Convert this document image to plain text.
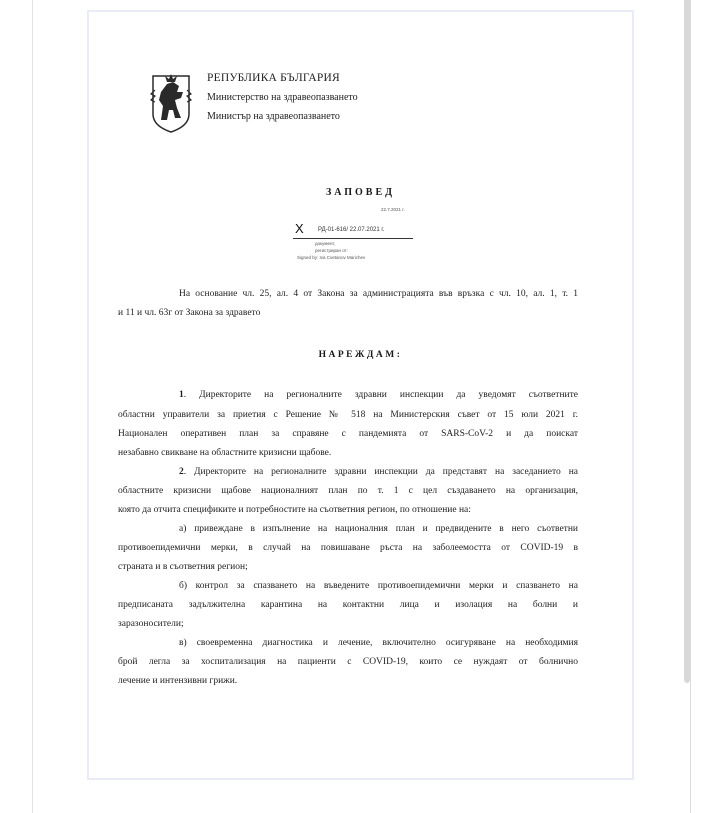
РЕПУБЛИКА БЪЛГАРИЯ
Министерство на здравеопазването
Министър на здравеопазването
ЗАПОВЕД
22.7.2021 г.
X РД-01-616/ 22.07.2021 г.
документ,
регистриран от:
Signed by: Iva Cvetanov Marichev
На основание чл. 25, ал. 4 от Закона за администрацията във връзка с чл. 10, ал. 1, т. 1
и 11 и чл. 63г от Закона за здравето
НАРЕЖДАМ:
1. Директорите на регионалните здравни инспекции да уведомят съответните
областни управители за приетия с Решение № 518 на Министерския съвет от 15 юли 2021 г.
Национален оперативен план за справяне с пандемията от SARS-CoV-2 и да поискат
незабавно свикване на областните кризисни щабове.
2. Директорите на регионалните здравни инспекции да представят на заседанието на
областните кризисни щабове националният план по т. 1 с цел създаването на организация,
която да отчита спецификите и потребностите на съответния регион, по отношение на:
а) привеждане в изпълнение на националния план и предвидените в него съответни
противоепидемични мерки, в случай на повишаване ръста на заболеемостта от COVID-19 в
страната и в съответния регион;
б) контрол за спазването на въведените противоепидемични мерки и спазването на
предписаната задължителна карантина на контактни лица и изолация на болни и
заразоносители;
в) своевременна диагностика и лечение, включително осигуряване на необходимия
брой легла за хоспитализация на пациенти с COVID-19, които се нуждаят от болнично
лечение и интензивни грижи.
